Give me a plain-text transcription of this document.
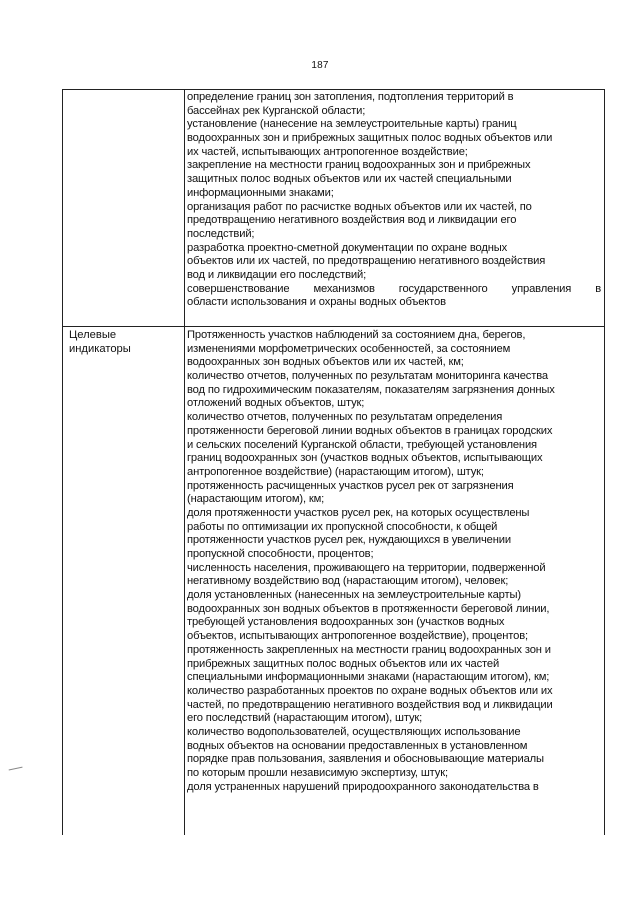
187
определение границ зон затопления, подтопления территорий в
бассейнах рек Курганской области;
установление (нанесение на землеустроительные карты) границ
водоохранных зон и прибрежных защитных полос водных объектов или
их частей, испытывающих антропогенное воздействие;
закрепление на местности границ водоохранных зон и прибрежных
защитных полос водных объектов или их частей специальными
информационными знаками;
организация работ по расчистке водных объектов или их частей, по
предотвращению негативного воздействия вод и ликвидации его
последствий;
разработка проектно-сметной документации по охране водных
объектов или их частей, по предотвращению негативного воздействия
вод и ликвидации его последствий;
совершенствование механизмов государственного управления в
области использования и охраны водных объектов
Целевые
индикаторы
Протяженность участков наблюдений за состоянием дна, берегов,
изменениями морфометрических особенностей, за состоянием
водоохранных зон водных объектов или их частей, км;
количество отчетов, полученных по результатам мониторинга качества
вод по гидрохимическим показателям, показателям загрязнения донных
отложений водных объектов, штук;
количество отчетов, полученных по результатам определения
протяженности береговой линии водных объектов в границах городских
и сельских поселений Курганской области, требующей установления
границ водоохранных зон (участков водных объектов, испытывающих
антропогенное воздействие) (нарастающим итогом), штук;
протяженность расчищенных участков русел рек от загрязнения
(нарастающим итогом), км;
доля протяженности участков русел рек, на которых осуществлены
работы по оптимизации их пропускной способности, к общей
протяженности участков русел рек, нуждающихся в увеличении
пропускной способности, процентов;
численность населения, проживающего на территории, подверженной
негативному воздействию вод (нарастающим итогом), человек;
доля установленных (нанесенных на землеустроительные карты)
водоохранных зон водных объектов в протяженности береговой линии,
требующей установления водоохранных зон (участков водных
объектов, испытывающих антропогенное воздействие), процентов;
протяженность закрепленных на местности границ водоохранных зон и
прибрежных защитных полос водных объектов или их частей
специальными информационными знаками (нарастающим итогом), км;
количество разработанных проектов по охране водных объектов или их
частей, по предотвращению негативного воздействия вод и ликвидации
его последствий (нарастающим итогом), штук;
количество водопользователей, осуществляющих использование
водных объектов на основании предоставленных в установленном
порядке прав пользования, заявления и обосновывающие материалы
по которым прошли независимую экспертизу, штук;
доля устраненных нарушений природоохранного законодательства в
